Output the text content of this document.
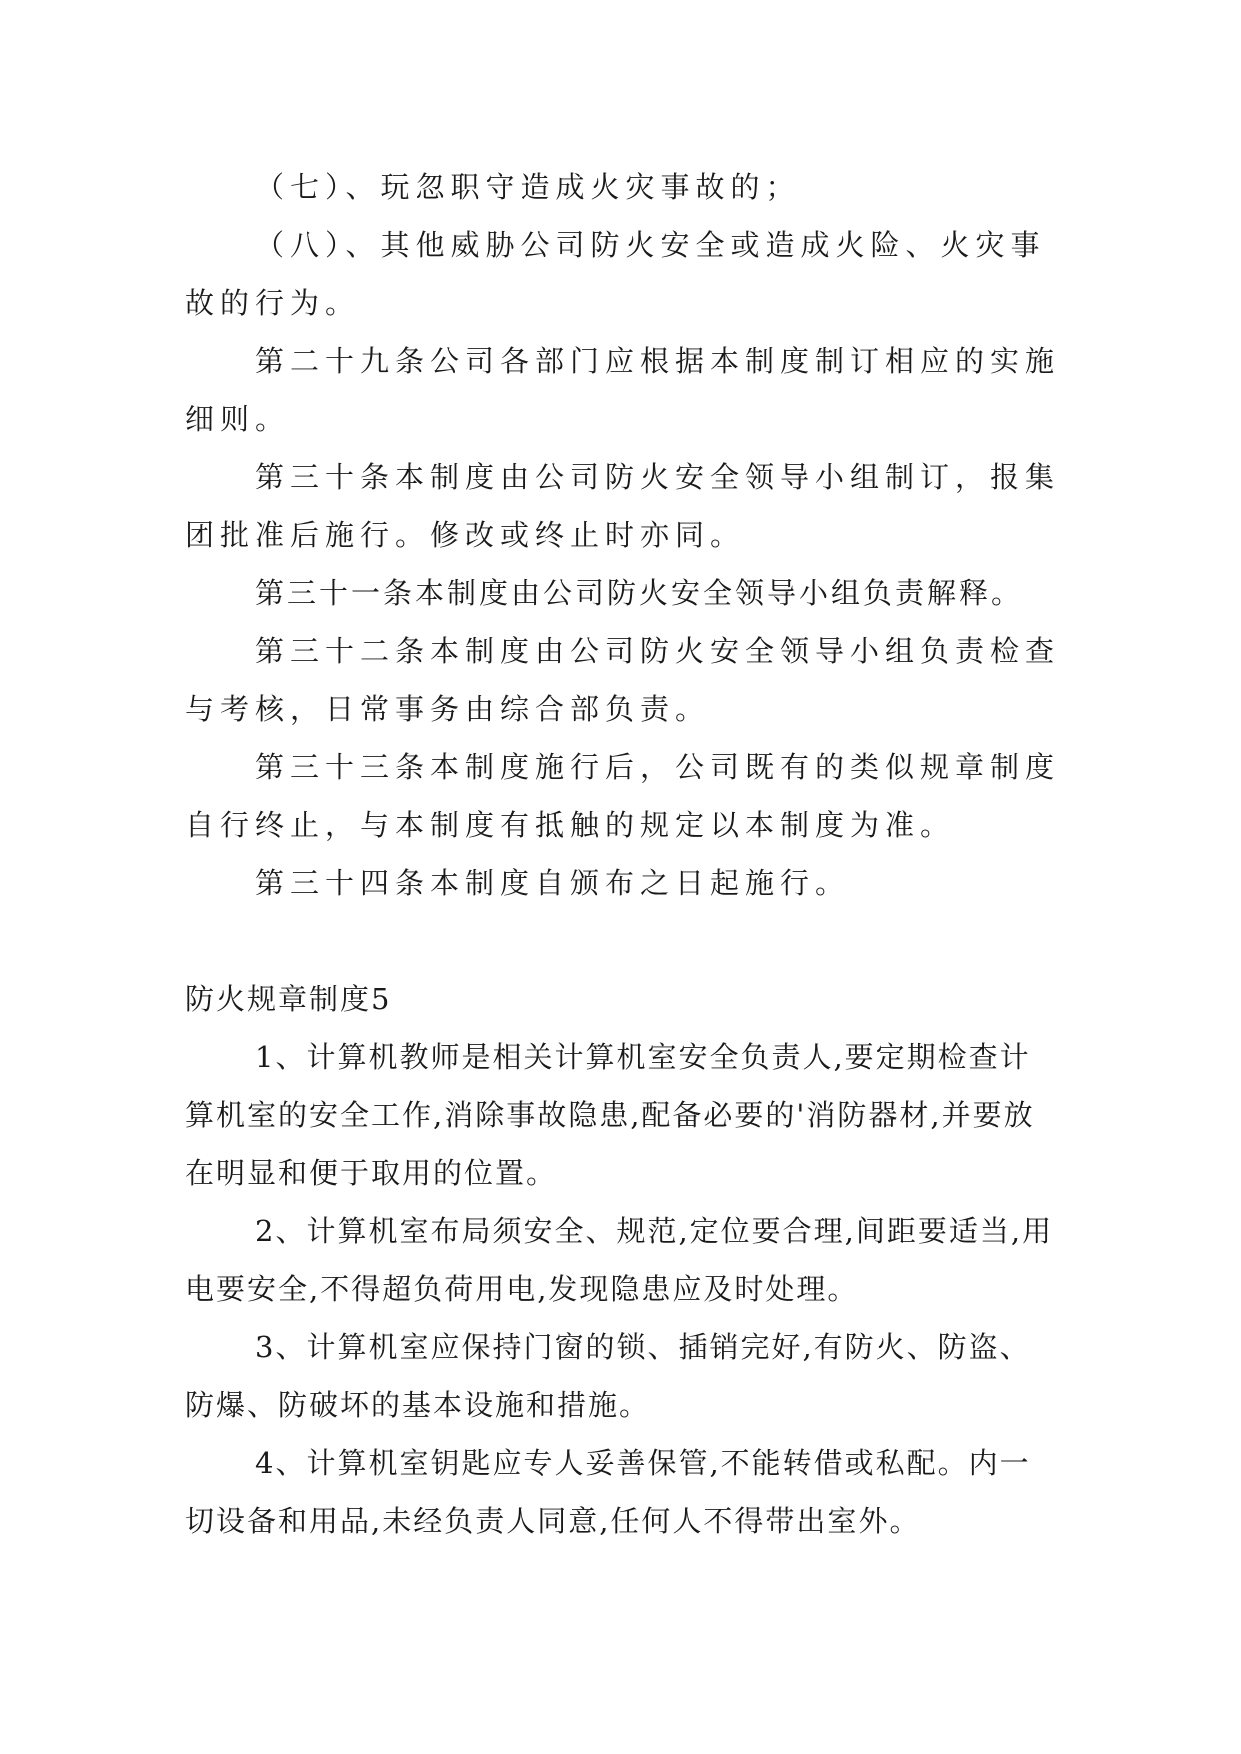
（七）、玩忽职守造成火灾事故的；

（八）、其他威胁公司防火安全或造成火险、火灾事故的行为。

第二十九条公司各部门应根据本制度制订相应的实施细则。

第三十条本制度由公司防火安全领导小组制订，报集团批准后施行。修改或终止时亦同。

第三十一条本制度由公司防火安全领导小组负责解释。

第三十二条本制度由公司防火安全领导小组负责检查与考核，日常事务由综合部负责。

第三十三条本制度施行后，公司既有的类似规章制度自行终止，与本制度有抵触的规定以本制度为准。

第三十四条本制度自颁布之日起施行。

防火规章制度5

1、计算机教师是相关计算机室安全负责人,要定期检查计算机室的安全工作,消除事故隐患,配备必要的'消防器材,并要放在明显和便于取用的位置。

2、计算机室布局须安全、规范,定位要合理,间距要适当,用电要安全,不得超负荷用电,发现隐患应及时处理。

3、计算机室应保持门窗的锁、插销完好,有防火、防盗、防爆、防破坏的基本设施和措施。

4、计算机室钥匙应专人妥善保管,不能转借或私配。内一切设备和用品,未经负责人同意,任何人不得带出室外。
